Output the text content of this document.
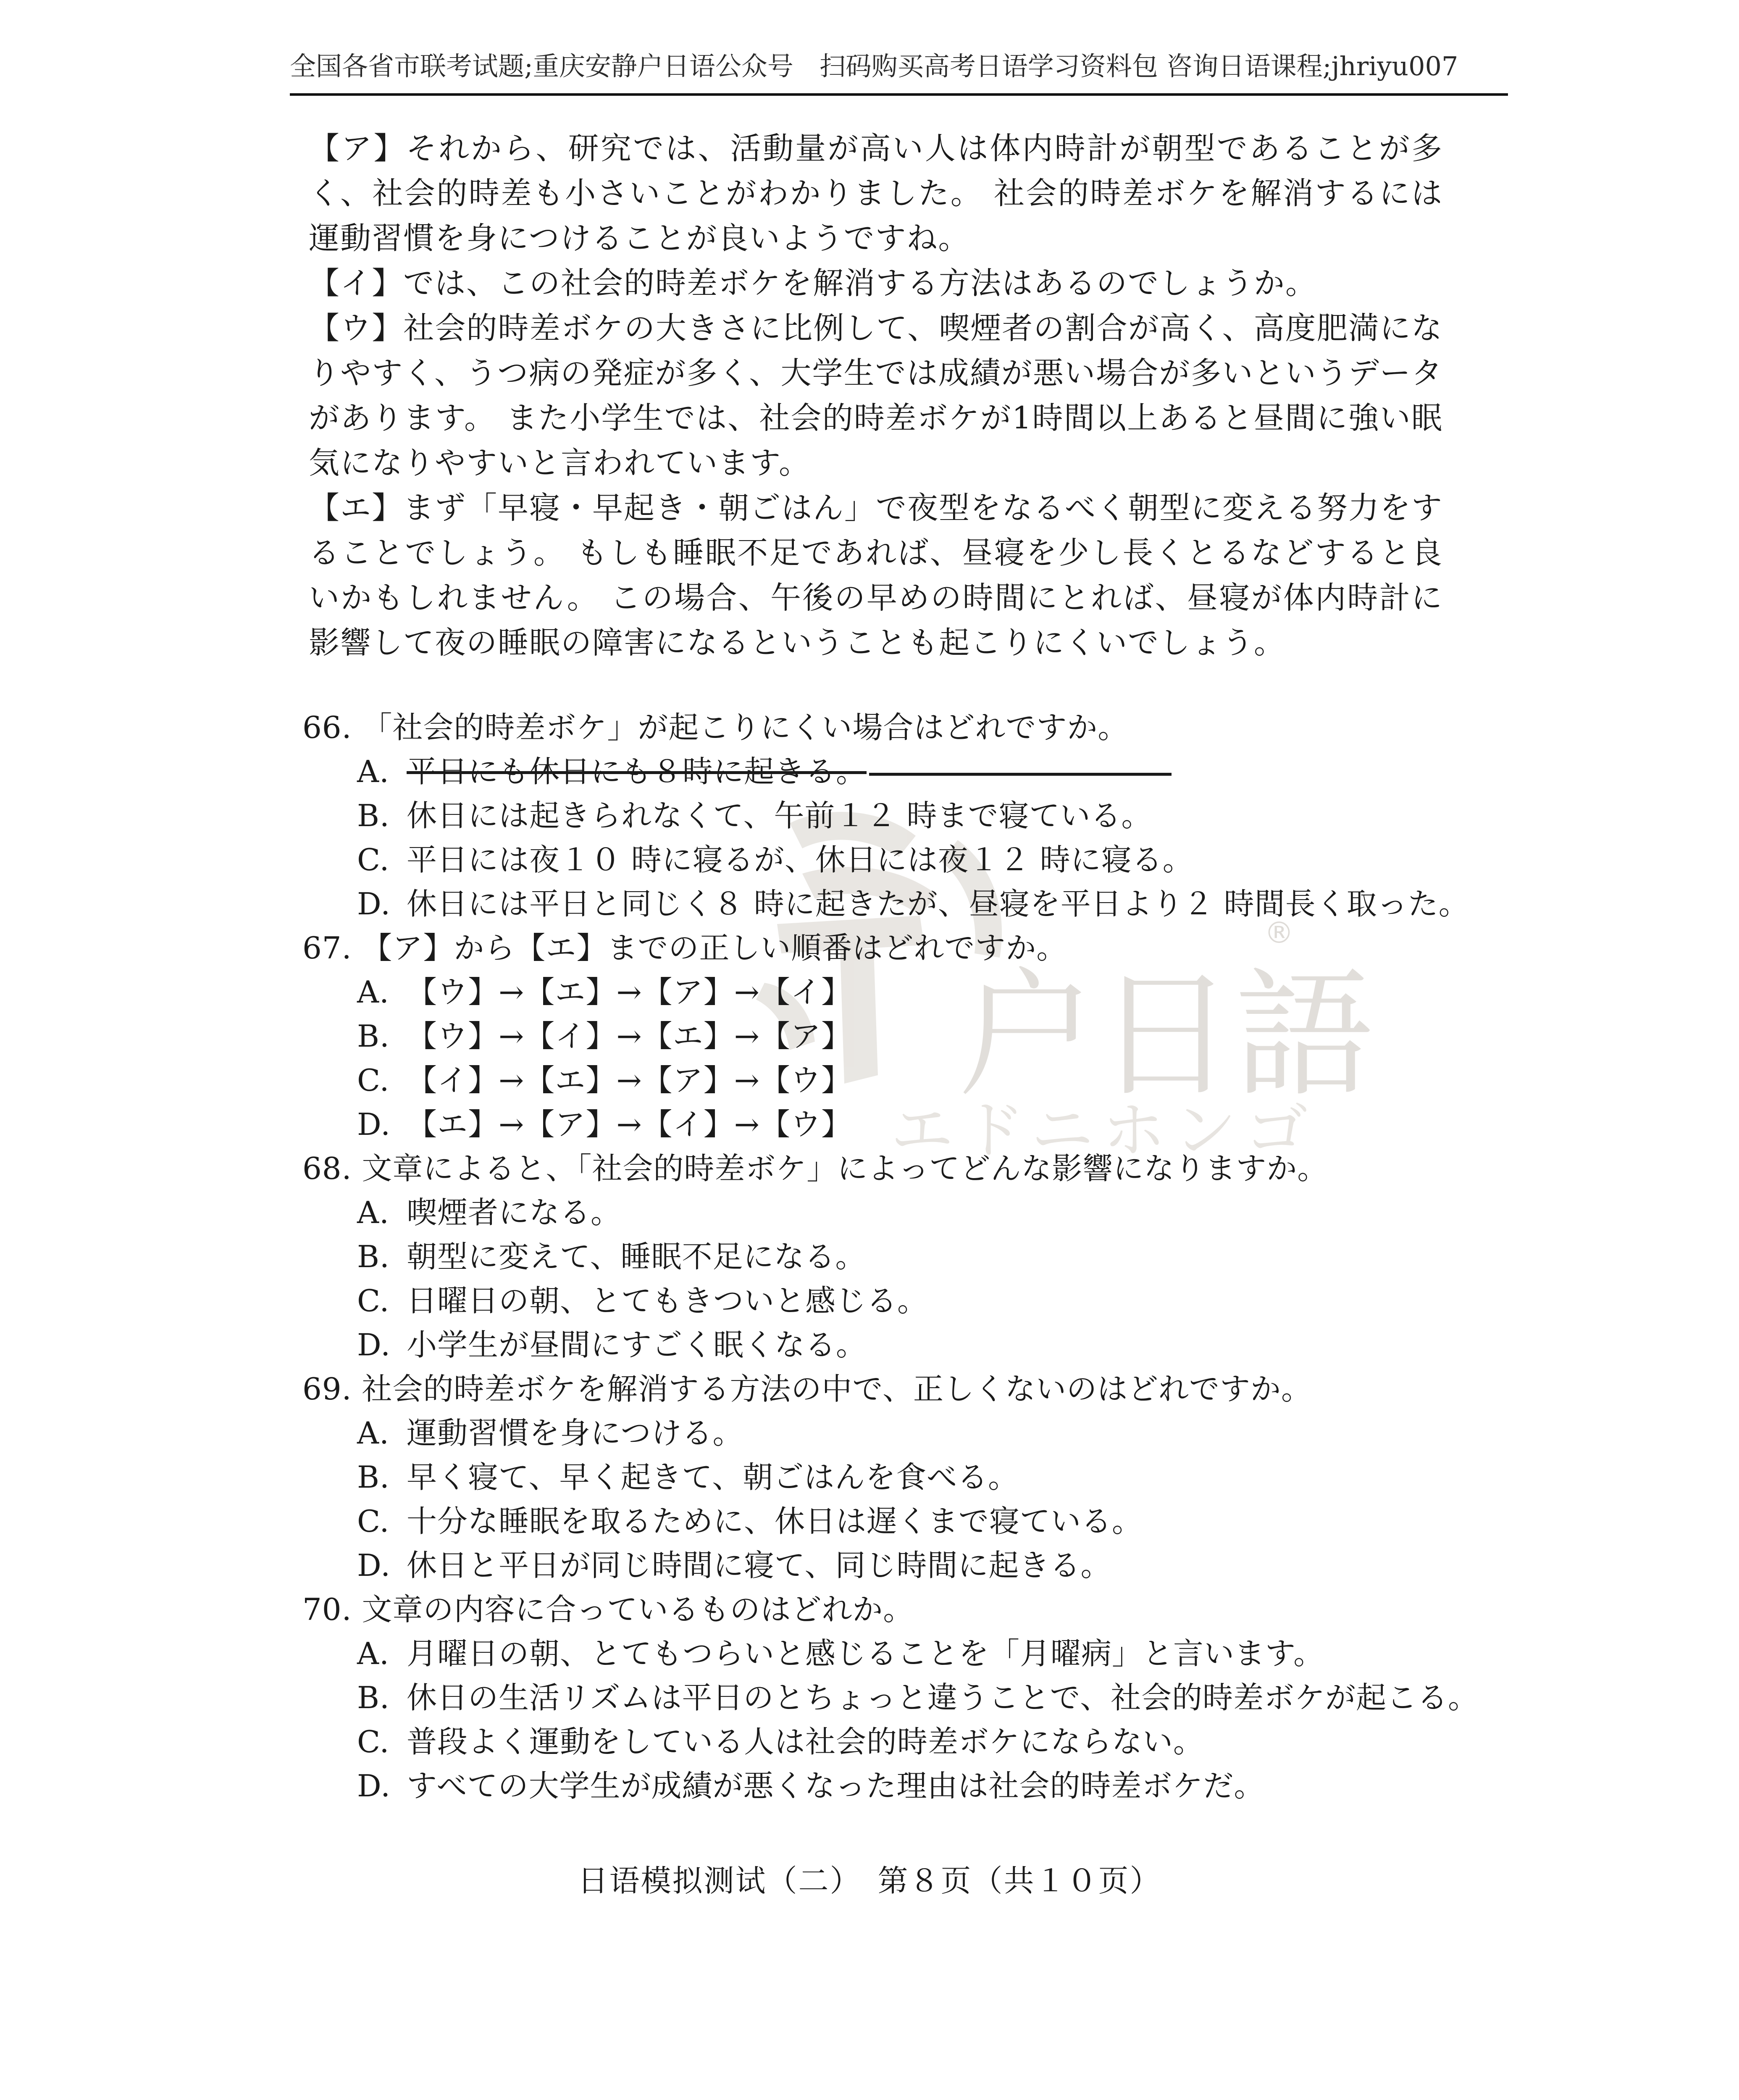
全国各省市联考试题;重庆安静户日语公众号　扫码购买高考日语学习资料包 咨询日语课程;jhriyu007
户日語
®
エドニホンゴ

【ア】それから、研究では、活動量が高い人は体内時計が朝型であることが多く、社会的時差も小さいことがわかりました。 社会的時差ボケを解消するには運動習慣を身につけることが良いようですね。

【イ】では、この社会的時差ボケを解消する方法はあるのでしょうか。

【ウ】社会的時差ボケの大きさに比例して、喫煙者の割合が高く、高度肥満になりやすく、うつ病の発症が多く、大学生では成績が悪い場合が多いというデータがあります。 また小学生では、社会的時差ボケが1時間以上あると昼間に強い眠気になりやすいと言われています。

【エ】まず「早寝・早起き・朝ごはん」で夜型をなるべく朝型に変える努力をすることでしょう。 もしも睡眠不足であれば、昼寝を少し長くとるなどすると良いかもしれません。 この場合、午後の早めの時間にとれば、昼寝が体内時計に影響して夜の睡眠の障害になるということも起こりにくいでしょう。

66. 「社会的時差ボケ」が起こりにくい場合はどれですか。

A. 平日にも休日にも８時に起きる。

B. 休日には起きられなくて、午前１２ 時まで寝ている。

C. 平日には夜１０ 時に寝るが、休日には夜１２ 時に寝る。

D. 休日には平日と同じく８ 時に起きたが、昼寝を平日より２ 時間長く取った。

67. 【ア】から【エ】までの正しい順番はどれですか。

A. 【ウ】→【エ】→【ア】→【イ】

B. 【ウ】→【イ】→【エ】→【ア】

C. 【イ】→【エ】→【ア】→【ウ】

D. 【エ】→【ア】→【イ】→【ウ】

68. 文章によると、「社会的時差ボケ」によってどんな影響になりますか。

A. 喫煙者になる。

B. 朝型に変えて、睡眠不足になる。

C. 日曜日の朝、とてもきついと感じる。

D. 小学生が昼間にすごく眠くなる。

69. 社会的時差ボケを解消する方法の中で、正しくないのはどれですか。

A. 運動習慣を身につける。

B. 早く寝て、早く起きて、朝ごはんを食べる。

C. 十分な睡眠を取るために、休日は遅くまで寝ている。

D. 休日と平日が同じ時間に寝て、同じ時間に起きる。

70. 文章の内容に合っているものはどれか。

A. 月曜日の朝、とてもつらいと感じることを「月曜病」と言います。

B. 休日の生活リズムは平日のとちょっと違うことで、社会的時差ボケが起こる。

C. 普段よく運動をしている人は社会的時差ボケにならない。

D. すべての大学生が成績が悪くなった理由は社会的時差ボケだ。

日语模拟测试（二）　第８页（共１０页）
